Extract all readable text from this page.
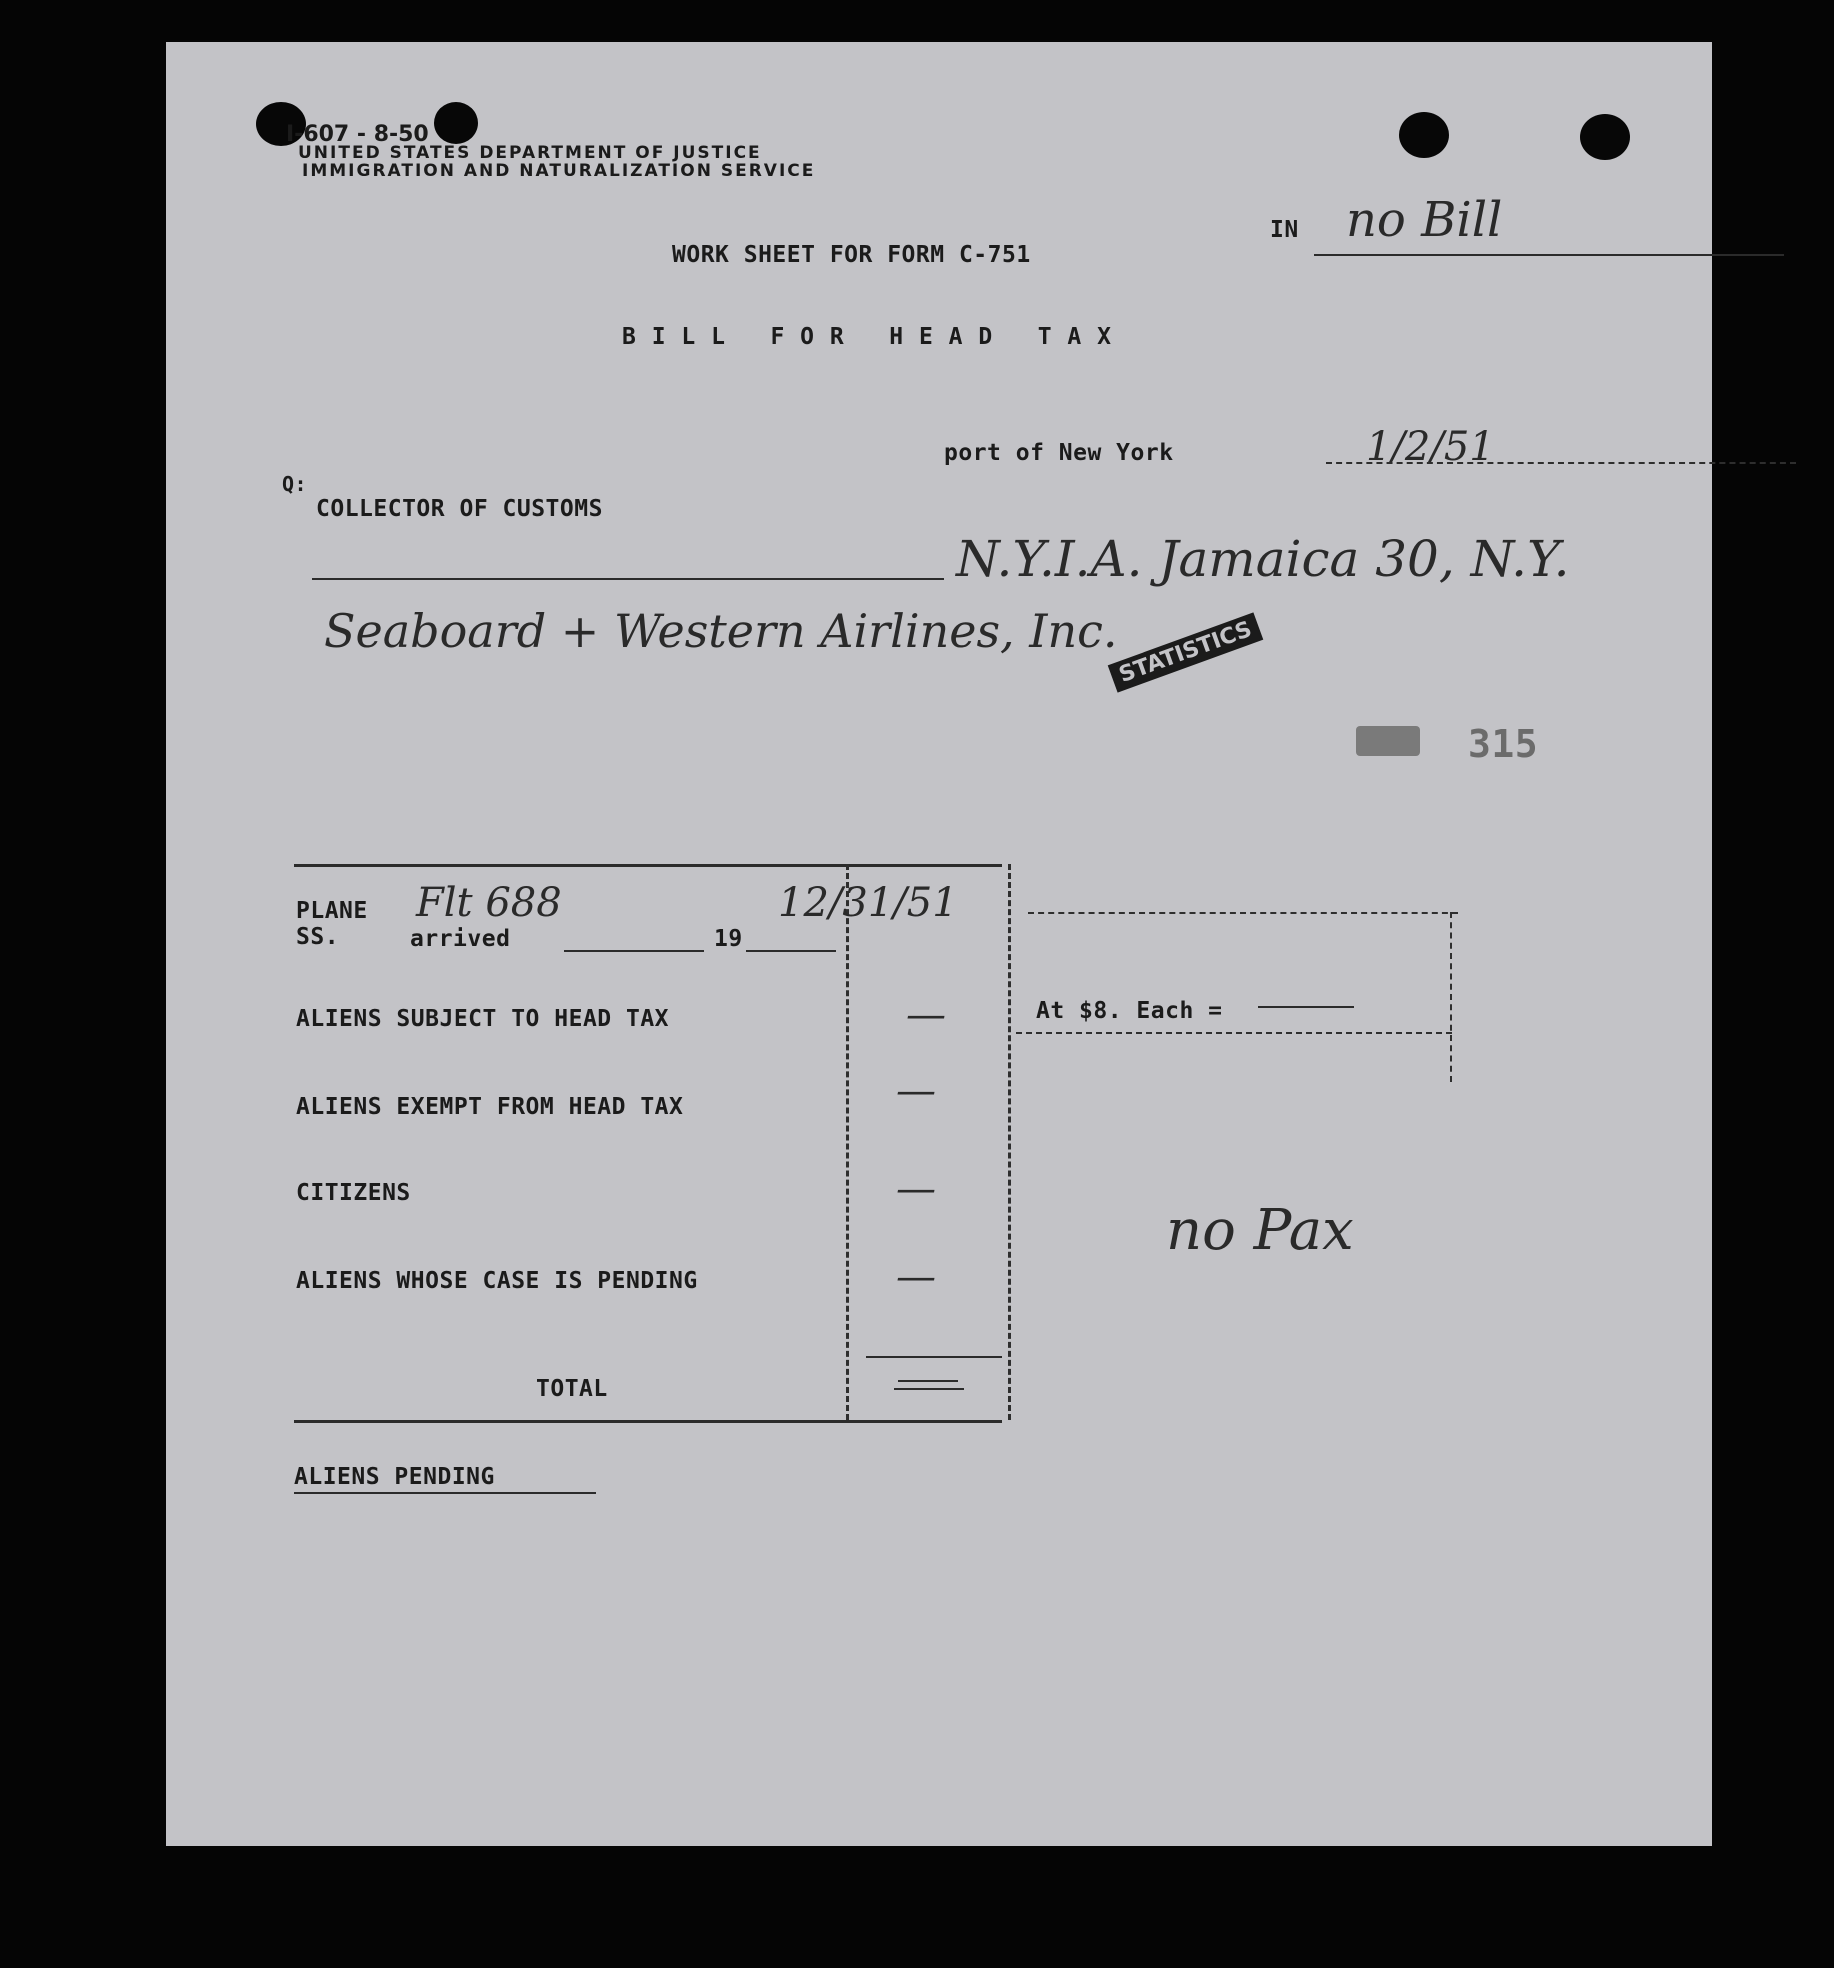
I-607 - 8-50
UNITED STATES DEPARTMENT OF JUSTICE
IMMIGRATION AND NATURALIZATION SERVICE
IN no Bill
WORK SHEET FOR FORM C-751
B I L L   F O R   H E A D   T A X
port of New York	1/2/51
Q:
COLLECTOR OF CUSTOMS
N.Y.I.A. Jamaica 30, N.Y.
Seaboard + Western Airlines, Inc.
STATISTICS
315
PLANE
SS.	arrived	19
Flt 688	12/31/51
ALIENS SUBJECT TO HEAD TAX	—
ALIENS EXEMPT FROM HEAD TAX	—
CITIZENS	—
ALIENS WHOSE CASE IS PENDING	—
TOTAL
At $8. Each =
ALIENS PENDING
no Pax
